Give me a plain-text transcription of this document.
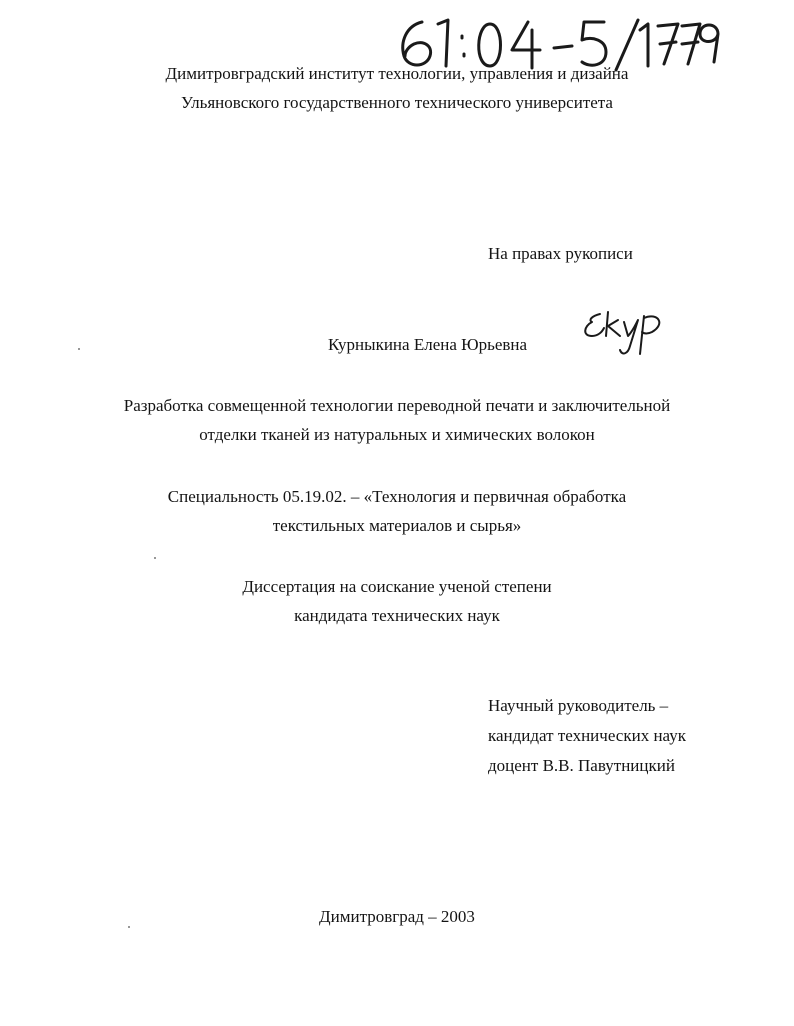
Димитровградский институт технологии, управления и дизайна
Ульяновского государственного технического университета
На правах рукописи
Курныкина Елена Юрьевна
Разработка совмещенной технологии переводной печати и заключительной
отделки тканей из натуральных и химических волокон
Специальность 05.19.02. – «Технология и первичная обработка
текстильных материалов и сырья»
Диссертация на соискание ученой степени
кандидата технических наук
Научный руководитель –
кандидат технических наук
доцент В.В. Павутницкий
Димитровград – 2003
